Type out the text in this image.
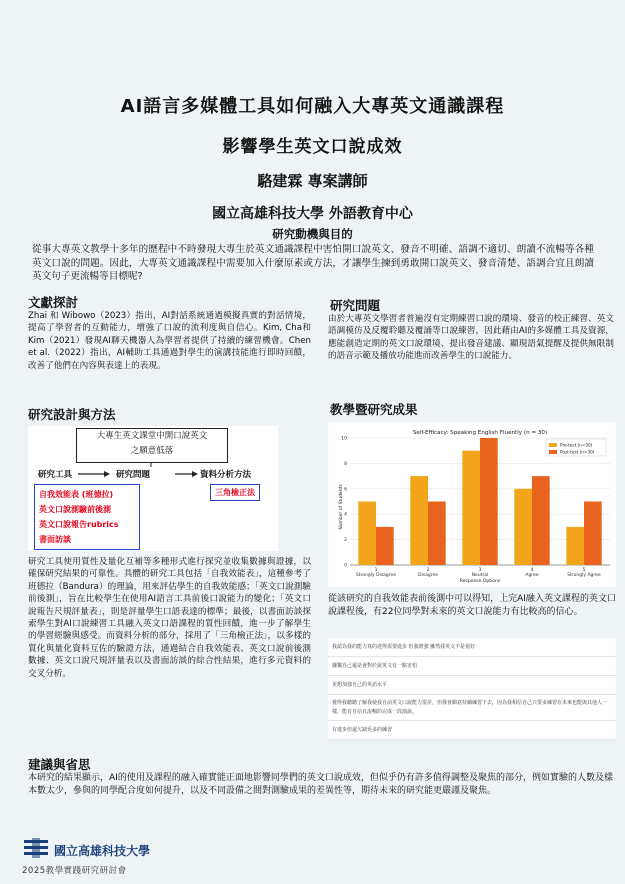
AI語言多媒體工具如何融入大專英文通識課程
影響學生英文口說成效
駱建霖 專案講師
國立高雄科技大學 外語教育中心
研究動機與目的
從事大專英文教學十多年的歷程中不時發現大專生於英文通識課程中害怕開口說英文、發音不明確、語調不適切、朗讀不流暢等各種英文口說的問題。因此，大專英文通識課程中需要加入什麼原素或方法，才讓學生揀到勇敢開口說英文、發音清楚、語調合宜且朗讀英文句子更流暢等目標呢?
文獻探討
Zhai 和 Wibowo（2023）指出，AI對話系統通過模擬真實的對話情境，提高了學習者的互動能力，增強了口說的流利度與自信心。Kim, Cha和Kim（2021）發現AI聊天機器人為學習者提供了持續的練習機會。Chen et al.（2022）指出，AI輔助工具通過對學生的演講技能進行即時回饋，改善了他們在內容與表達上的表現。
研究問題
由於大專英文學習者普遍沒有定期練習口說的環境、發音的校正練習、英文語調模仿及反覆聆聽及覆誦等口說練習，因此藉由AI的多媒體工具及資源，應能創造定期的英文口說環境、提出發音建議、顯現語氣提醒及提供無限制的語音示範及播放功能進而改善學生的口說能力。
研究設計與方法
大專生英文課堂中開口說英文
之願意低落
研究工具	研究問題	資料分析方法
自我效能表 (班德拉)
英文口說測驗前後測
英文口說報告rubrics
書面訪談
三角檢正法
研究工具使用質性及量化互補等多種形式進行探究並收集數據與證據，以確保研究結果的可靠性。具體的研究工具包括「自我效能表」，這種參考了班德拉（Bandura）的理論，用來評估學生的自我效能感；「英文口說測驗前後測」，旨在比較學生在使用AI語言工具前後口說能力的變化；「英文口說報告尺規評量表」，則是評量學生口語表達的標準；最後，以書面訪談探索學生對AI口說練習工具融入英文口語課程的質性回饋，進一步了解學生的學習經驗與感受。而資料分析的部分，採用了「三角檢正法」，以多樣的質化與量化資料互佐的驗證方法，通過結合自我效能表、英文口說前後測數據、英文口說尺規評量表以及書面訪談的綜合性結果，進行多元資料的交叉分析。
教學暨研究成果
Self-Efficacy: Speaking English Fluently (n = 30)
Number of Students
Response Options
0
2
4
6
8
10
1
Strongly Disagree
2
Disagree
3
Neutral
4
Agree
5
Strongly Agree
Pre-test (n=30)
Post-test (n=30)
從該研究的自我效能表前後測中可以得知，上完AI融入英文課程的英文口說課程後，有22位同學對未來的英文口說能力有比較高的信心。
我認為我的能力真的達得需要進步 但我增強 雖然我英文不是很好
據獨自己還是會對於說英文有一點害怕
更想加強自己的英語水平
覺得我聽聽了解我使我自前英文口說能力很差，但我會願意持續練習下去，因為我相信自己只要多練習在未來也能與其他人一樣，能有自信且流暢的完成一段演說。
有進步但還欠缺更多的練習
建議與省思
本研究的結果顯示，AI的使用及課程的融入確實能正面地影響同學們的英文口說成效，但似乎仍有許多值得調整及聚焦的部分，例如實驗的人數及樣本數太少，參與的同學配合度如何提升，以及不同設備之間對測驗成果的差異性等，期待未來的研究能更嚴謹及聚焦。
國立高雄科技大學
2025教學實踐研究研討會
